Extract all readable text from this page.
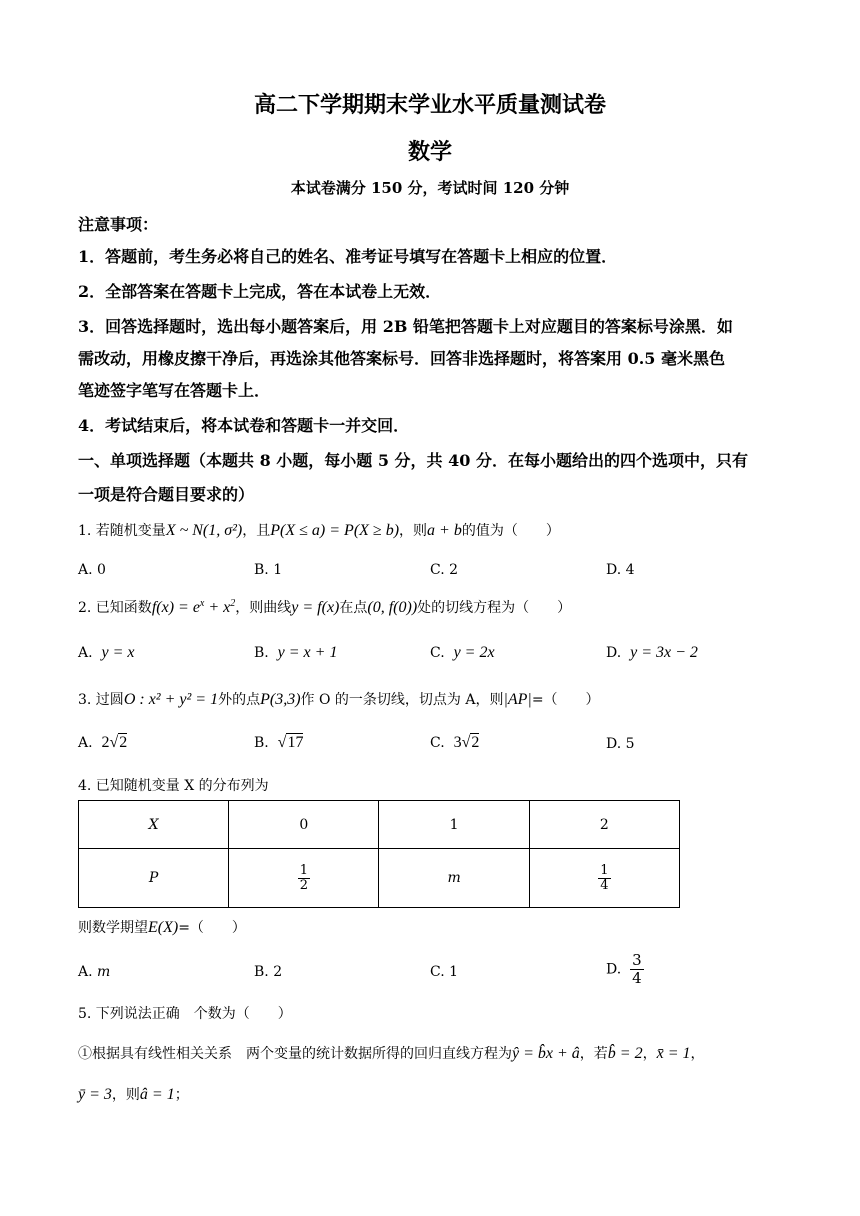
高二下学期期末学业水平质量测试卷
数学
本试卷满分 150 分，考试时间 120 分钟
注意事项：
1．答题前，考生务必将自己的姓名、准考证号填写在答题卡上相应的位置．
2．全部答案在答题卡上完成，答在本试卷上无效．
3．回答选择题时，选出每小题答案后，用 2B 铅笔把答题卡上对应题目的答案标号涂黑．如
需改动，用橡皮擦干净后，再选涂其他答案标号．回答非选择题时，将答案用 0.5 毫米黑色
笔迹签字笔写在答题卡上．
4．考试结束后，将本试卷和答题卡一并交回．
一、单项选择题（本题共 8 小题，每小题 5 分，共 40 分．在每小题给出的四个选项中，只有
一项是符合题目要求的）
1. 若随机变量X ~ N(1, σ²)，且P(X ≤ a) = P(X ≥ b)，则a + b的值为（　　）
A. 0	B. 1	C. 2	D. 4
2. 已知函数$f(x) = e^x + x^2$，则曲线y = f(x)在点(0, f(0))处的切线方程为（　　）
A. y = x	B. y = x + 1	C. y = 2x	D. y = 3x − 2
3. 过圆O : x² + y² = 1外的点P(3,3)作 O 的一条切线，切点为 A，则|AP|=（　　）
A. 2√2	B. √17	C. 3√2	D. 5
4. 已知随机变量 X 的分布列为
X	0	1	2
P	$\frac{1}{2}$	m	$\frac{1}{4}$
则数学期望E(X)=（　　）
A. m	B. 2	C. 1	D. $\frac{3}{4}$
5. 下列说法正确　个数为（　　）
①根据具有线性相关关系　两个变量的统计数据所得的回归直线方程为ŷ = b̂x + â，若b̂ = 2，x̄ = 1，
ȳ = 3，则â = 1；
